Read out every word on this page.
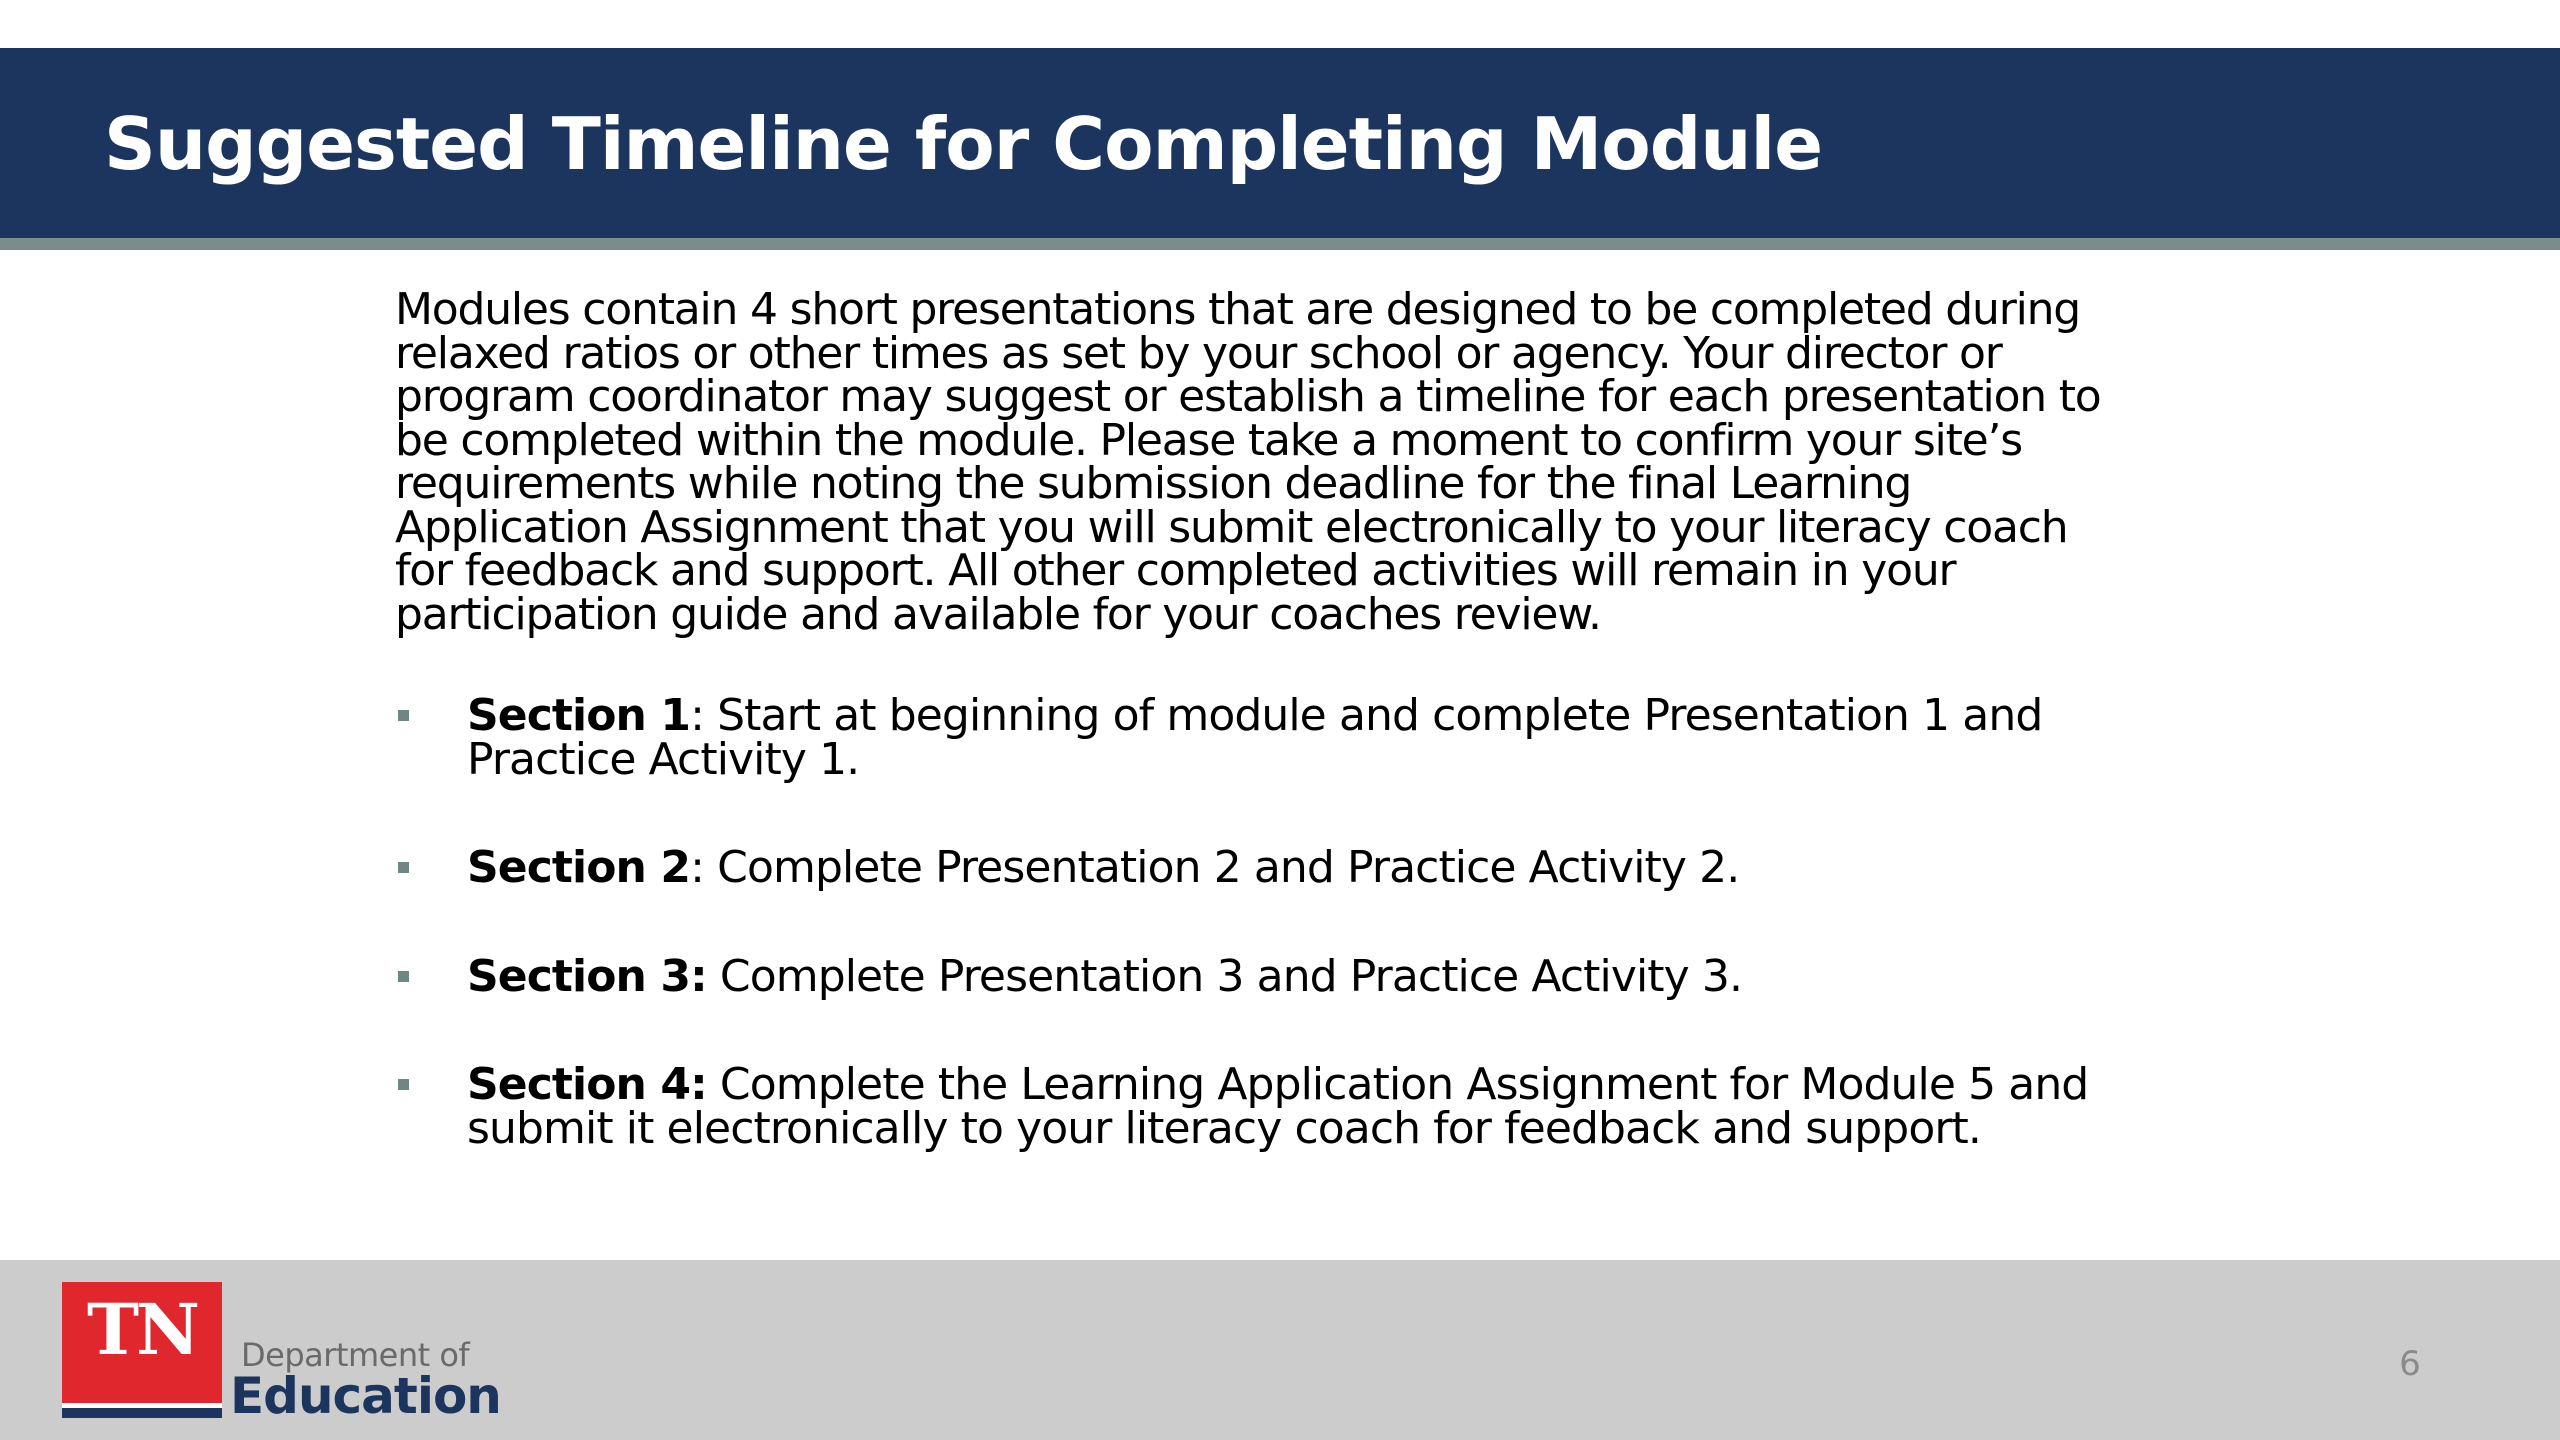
Suggested Timeline for Completing Module

Modules contain 4 short presentations that are designed to be completed during relaxed ratios or other times as set by your school or agency. Your director or program coordinator may suggest or establish a timeline for each presentation to be completed within the module. Please take a moment to confirm your site’s requirements while noting the submission deadline for the final Learning Application Assignment that you will submit electronically to your literacy coach for feedback and support. All other completed activities will remain in your participation guide and available for your coaches review.

Section 1: Start at beginning of module and complete Presentation 1 and Practice Activity 1.
Section 2: Complete Presentation 2 and Practice Activity 2.
Section 3: Complete Presentation 3 and Practice Activity 3.
Section 4: Complete the Learning Application Assignment for Module 5 and submit it electronically to your literacy coach for feedback and support.
TN	Department of
Education
6
